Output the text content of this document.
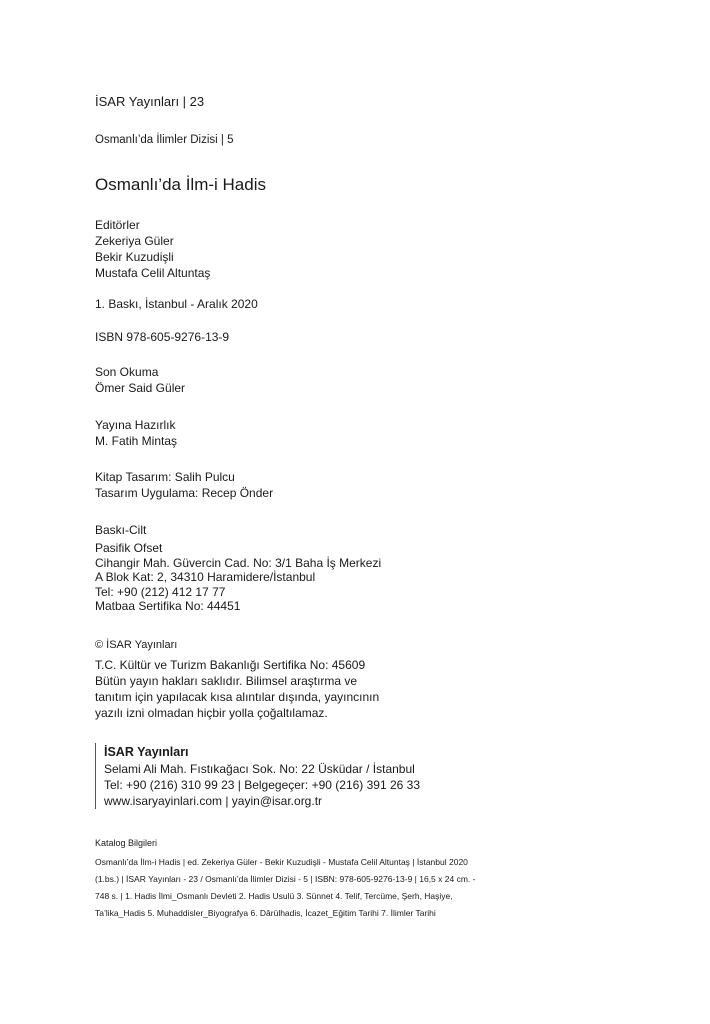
İSAR Yayınları | 23
Osmanlı’da İlimler Dizisi | 5
Osmanlı’da İlm-i Hadis
Editörler
Zekeriya Güler
Bekir Kuzudişli
Mustafa Celil Altuntaş
1. Baskı, İstanbul - Aralık 2020
ISBN 978-605-9276-13-9
Son Okuma
Ömer Said Güler
Yayına Hazırlık
M. Fatih Mintaş
Kitap Tasarım: Salih Pulcu
Tasarım Uygulama: Recep Önder
Baskı-Cilt
Pasifik Ofset
Cihangir Mah. Güvercin Cad. No: 3/1 Baha İş Merkezi
A Blok Kat: 2, 34310 Haramidere/İstanbul
Tel: +90 (212) 412 17 77
Matbaa Sertifika No: 44451
© İSAR Yayınları
T.C. Kültür ve Turizm Bakanlığı Sertifika No: 45609
Bütün yayın hakları saklıdır. Bilimsel araştırma ve
tanıtım için yapılacak kısa alıntılar dışında, yayıncının
yazılı izni olmadan hiçbir yolla çoğaltılamaz.
İSAR Yayınları
Selami Ali Mah. Fıstıkağacı Sok. No: 22 Üsküdar / İstanbul
Tel: +90 (216) 310 99 23 | Belgegeçer: +90 (216) 391 26 33
www.isaryayinlari.com | yayin@isar.org.tr
Katalog Bilgileri
Osmanlı’da İlm-i Hadis | ed. Zekeriya Güler - Bekir Kuzudişli - Mustafa Celil Altuntaş | İstanbul 2020
(1.bs.) | İSAR Yayınları - 23 / Osmanlı’da İlimler Dizisi - 5 | ISBN: 978-605-9276-13-9 | 16,5 x 24 cm. -
748 s. | 1. Hadis İlmi_Osmanlı Devleti 2. Hadis Usulü 3. Sünnet 4. Telif, Tercüme, Şerh, Haşiye,
Ta’lika_Hadis 5. Muhaddisler_Biyografya 6. Dârülhadis, İcazet_Eğitim Tarihi 7. İlimler Tarihi
